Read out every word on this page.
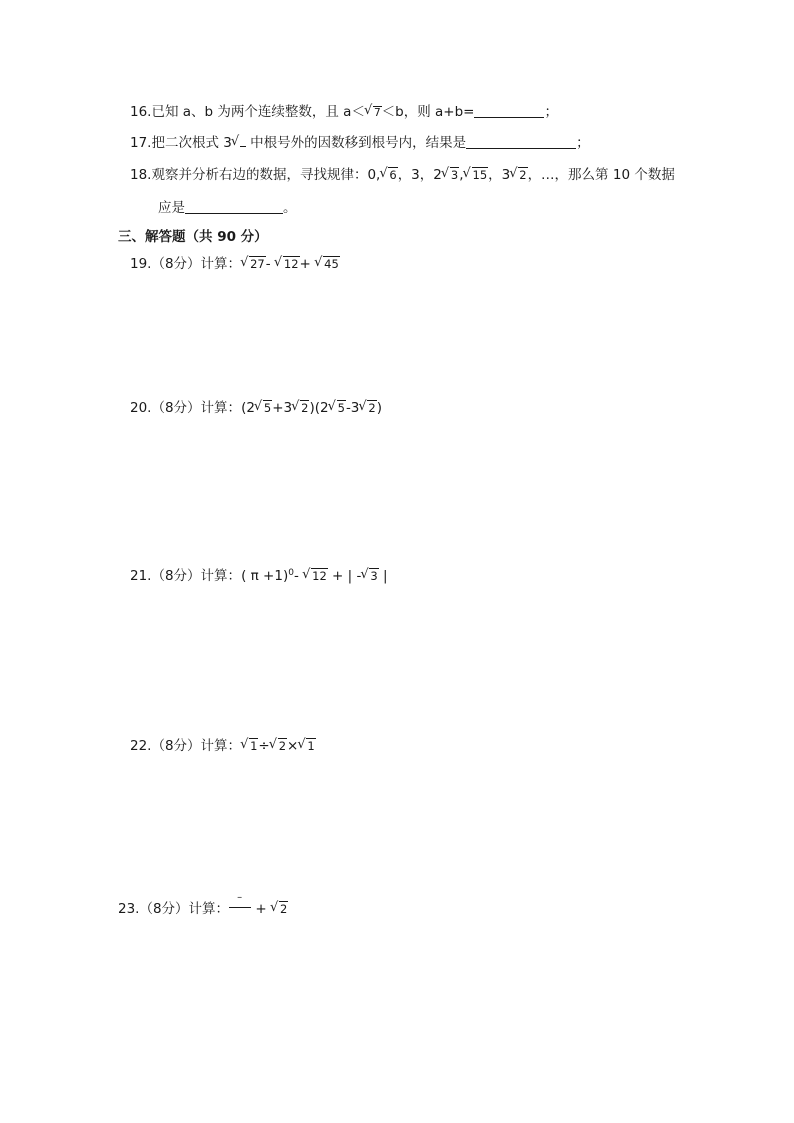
16.已知 a、b 为两个连续整数，且 a＜ √ 7＜b，则 a+b=	；
17.把二次根式 3√  中根号外的因数移到根号内，结果是	；
18.观察并分析右边的数据，寻找规律：0, √ 6，3，2 √ 3, √ 15，3 √ 2，…，那么第 10 个数据
应是	。
三、解答题（共 90 分）
19.（8分）计算： √ 27- √ 12+ √ 45
20.（8分）计算：(2 √ 5+3 √ 2)(2 √ 5-3 √ 2)
21.（8分）计算：( π +1)$^0$- √ 12 + | - √ 3 |
22.（8分）计算： √ 1÷ √ 2× √ 1
23.（8分）计算：
–
+ √ 2
